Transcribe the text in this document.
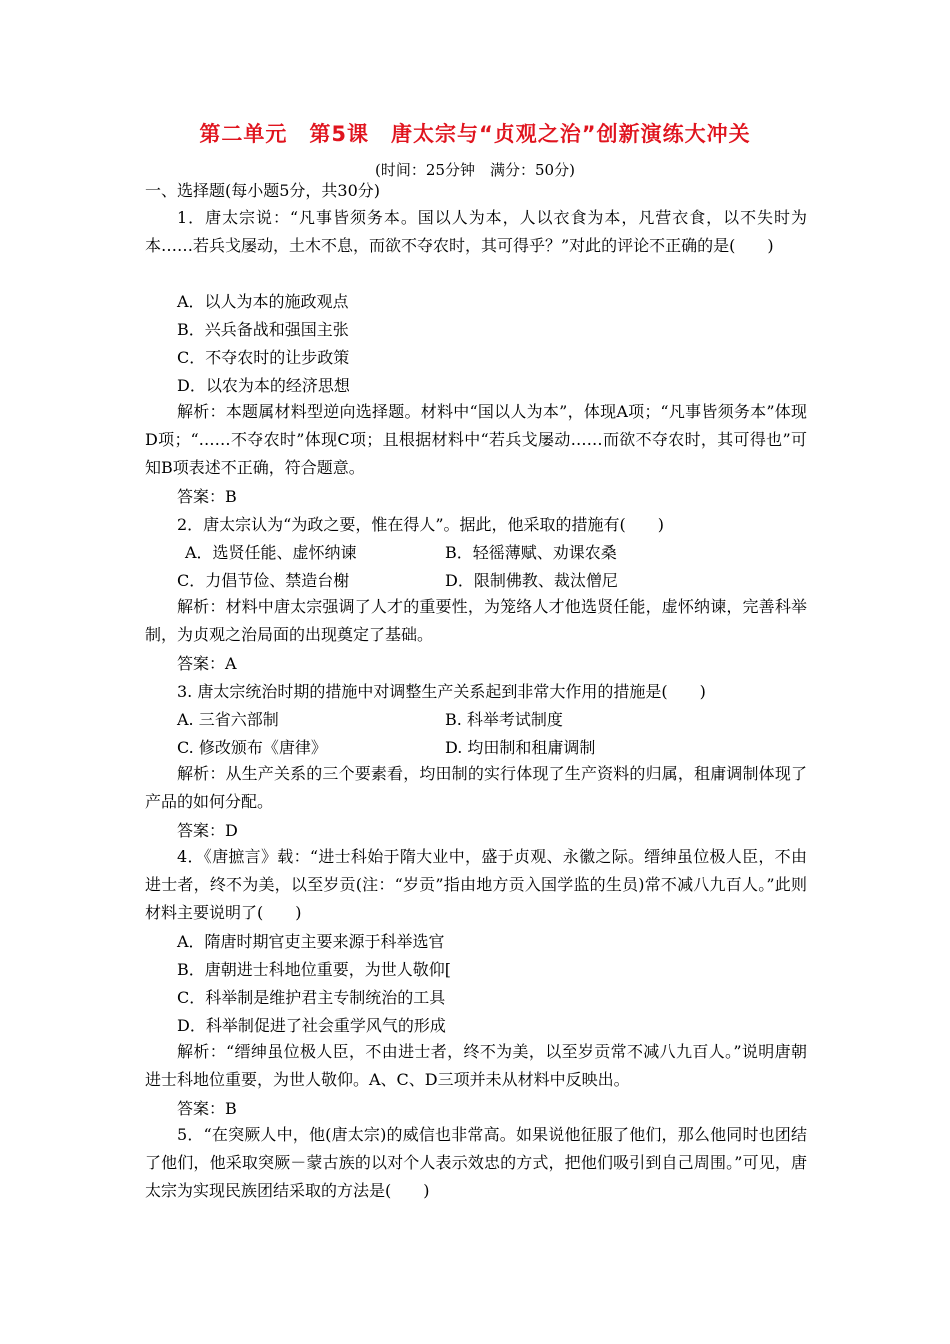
第二单元　第5课　唐太宗与“贞观之治”创新演练大冲关
(时间：25分钟　满分：50分)
一、选择题(每小题5分，共30分)
1．唐太宗说：“凡事皆须务本。国以人为本，人以衣食为本，凡营衣食，以不失时为本……若兵戈屡动，土木不息，而欲不夺农时，其可得乎？”对此的评论不正确的是(　　)
A．以人为本的施政观点
B．兴兵备战和强国主张
C．不夺农时的让步政策
D．以农为本的经济思想
解析：本题属材料型逆向选择题。材料中“国以人为本”，体现A项；“凡事皆须务本”体现D项；“……不夺农时”体现C项；且根据材料中“若兵戈屡动……而欲不夺农时，其可得也”可知B项表述不正确，符合题意。
答案：B
2．唐太宗认为“为政之要，惟在得人”。据此，他采取的措施有(　　)
A．选贤任能、虚怀纳谏	B．轻徭薄赋、劝课农桑
C．力倡节俭、禁造台榭	D．限制佛教、裁汰僧尼
解析：材料中唐太宗强调了人才的重要性，为笼络人才他选贤任能，虚怀纳谏，完善科举制，为贞观之治局面的出现奠定了基础。
答案：A
3. 唐太宗统治时期的措施中对调整生产关系起到非常大作用的措施是(　　)
A. 三省六部制	B. 科举考试制度
C. 修改颁布《唐律》	D. 均田制和租庸调制
解析：从生产关系的三个要素看，均田制的实行体现了生产资料的归属，租庸调制体现了产品的如何分配。
答案：D
4．《唐摭言》载：“进士科始于隋大业中，盛于贞观、永徽之际。缙绅虽位极人臣，不由进士者，终不为美，以至岁贡(注：“岁贡”指由地方贡入国学监的生员)常不减八九百人。”此则材料主要说明了(　　)
A．隋唐时期官吏主要来源于科举选官
B．唐朝进士科地位重要，为世人敬仰[
C．科举制是维护君主专制统治的工具
D．科举制促进了社会重学风气的形成
解析：“缙绅虽位极人臣，不由进士者，终不为美，以至岁贡常不减八九百人。”说明唐朝进士科地位重要，为世人敬仰。A、C、D三项并未从材料中反映出。
答案：B
5．“在突厥人中，他(唐太宗)的威信也非常高。如果说他征服了他们，那么他同时也团结了他们，他采取突厥－蒙古族的以对个人表示效忠的方式，把他们吸引到自己周围。”可见，唐太宗为实现民族团结采取的方法是(　　)
